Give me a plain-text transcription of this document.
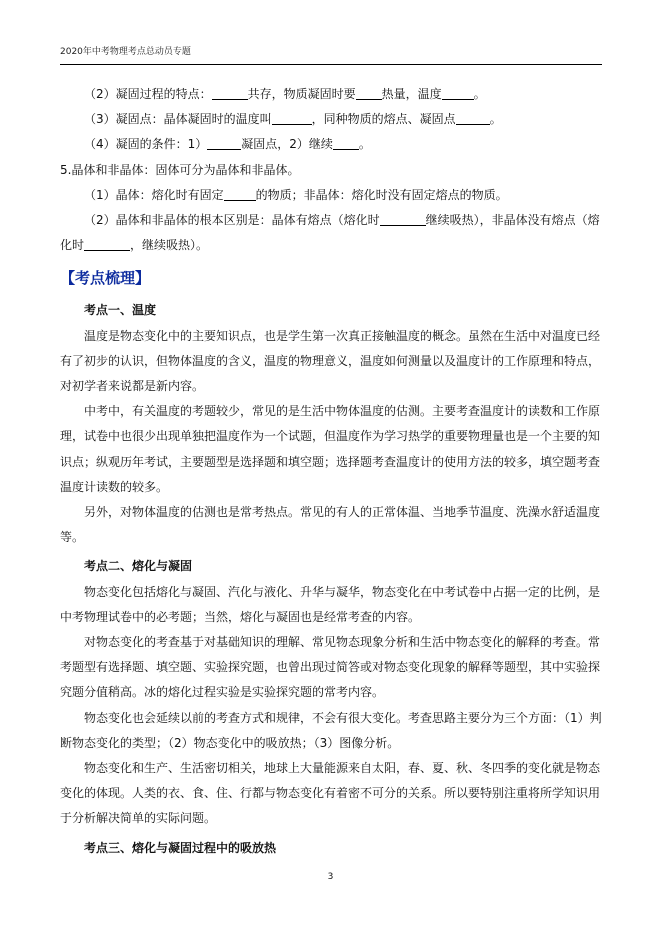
2020年中考物理考点总动员专题

（2）凝固过程的特点：	共存，物质凝固时要 热量，温度	。

（3）凝固点：晶体凝固时的温度叫	，同种物质的熔点、凝固点	。

（4）凝固的条件：1）	凝固点，2）继续 。

5.晶体和非晶体：固体可分为晶体和非晶体。

（1）晶体：熔化时有固定	的物质；非晶体：熔化时没有固定熔点的物质。

（2）晶体和非晶体的根本区别是：晶体有熔点（熔化时	继续吸热），非晶体没有熔点（熔化时	，继续吸热）。

【考点梳理】

考点一、温度

温度是物态变化中的主要知识点，也是学生第一次真正接触温度的概念。虽然在生活中对温度已经有了初步的认识，但物体温度的含义，温度的物理意义，温度如何测量以及温度计的工作原理和特点，对初学者来说都是新内容。

中考中，有关温度的考题较少，常见的是生活中物体温度的估测。主要考查温度计的读数和工作原理，试卷中也很少出现单独把温度作为一个试题，但温度作为学习热学的重要物理量也是一个主要的知识点；纵观历年考试，主要题型是选择题和填空题；选择题考查温度计的使用方法的较多，填空题考查温度计读数的较多。

另外，对物体温度的估测也是常考热点。常见的有人的正常体温、当地季节温度、洗澡水舒适温度等。

考点二、熔化与凝固

物态变化包括熔化与凝固、汽化与液化、升华与凝华，物态变化在中考试卷中占据一定的比例，是中考物理试卷中的必考题；当然，熔化与凝固也是经常考查的内容。

对物态变化的考查基于对基础知识的理解、常见物态现象分析和生活中物态变化的解释的考查。常考题型有选择题、填空题、实验探究题，也曾出现过简答或对物态变化现象的解释等题型，其中实验探究题分值稍高。冰的熔化过程实验是实验探究题的常考内容。

物态变化也会延续以前的考查方式和规律，不会有很大变化。考查思路主要分为三个方面：（1）判断物态变化的类型；（2）物态变化中的吸放热；（3）图像分析。

物态变化和生产、生活密切相关，地球上大量能源来自太阳，春、夏、秋、冬四季的变化就是物态变化的体现。人类的衣、食、住、行都与物态变化有着密不可分的关系。所以要特别注重将所学知识用于分析解决简单的实际问题。

考点三、熔化与凝固过程中的吸放热

3
